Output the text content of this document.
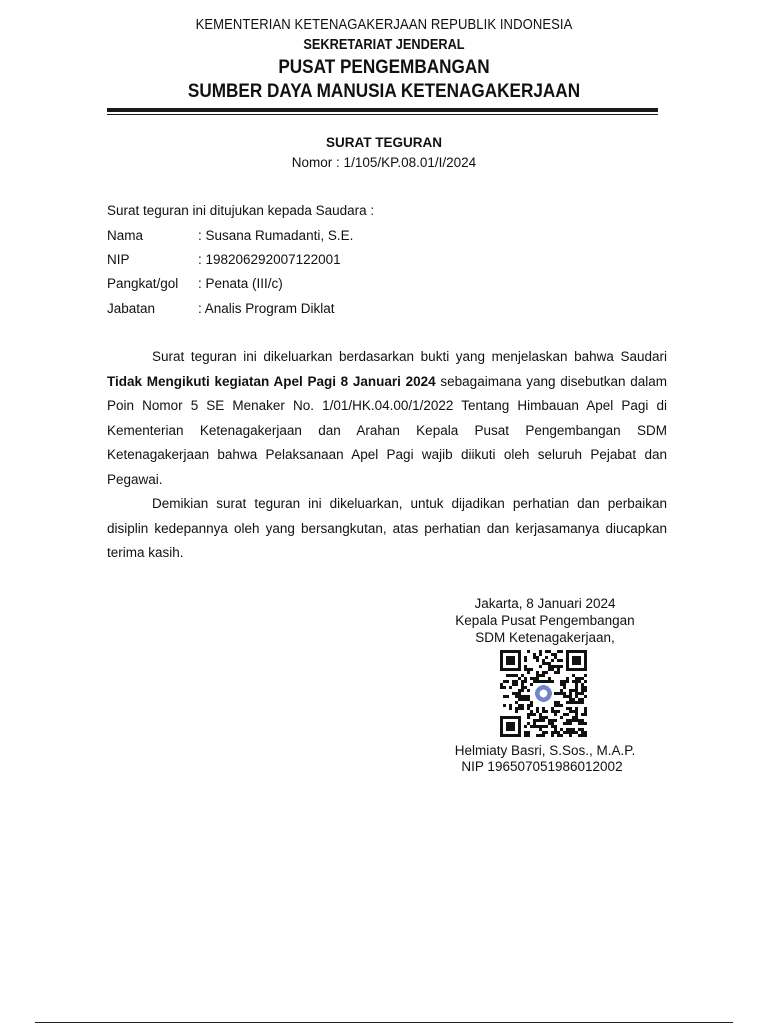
KEMENTERIAN KETENAGAKERJAAN REPUBLIK INDONESIA
SEKRETARIAT JENDERAL
PUSAT PENGEMBANGAN
SUMBER DAYA MANUSIA KETENAGAKERJAAN
SURAT TEGURAN
Nomor : 1/105/KP.08.01/I/2024
Surat teguran ini ditujukan kepada Saudara :
Nama	: Susana Rumadanti, S.E.
NIP	: 198206292007122001
Pangkat/gol : Penata (III/c)
Jabatan	: Analis Program Diklat

Surat teguran ini dikeluarkan berdasarkan bukti yang menjelaskan bahwa Saudari Tidak Mengikuti kegiatan Apel Pagi 8 Januari 2024 sebagaimana yang disebutkan dalam Poin Nomor 5 SE Menaker No. 1/01/HK.04.00/1/2022 Tentang Himbauan Apel Pagi di Kementerian Ketenagakerjaan dan Arahan Kepala Pusat Pengembangan SDM Ketenagakerjaan bahwa Pelaksanaan Apel Pagi wajib diikuti oleh seluruh Pejabat dan Pegawai.

Demikian surat teguran ini dikeluarkan, untuk dijadikan perhatian dan perbaikan disiplin kedepannya oleh yang bersangkutan, atas perhatian dan kerjasamanya diucapkan terima kasih.

Jakarta, 8 Januari 2024
Kepala Pusat Pengembangan
SDM Ketenagakerjaan,
Helmiaty Basri, S.Sos., M.A.P.
NIP 196507051986012002
